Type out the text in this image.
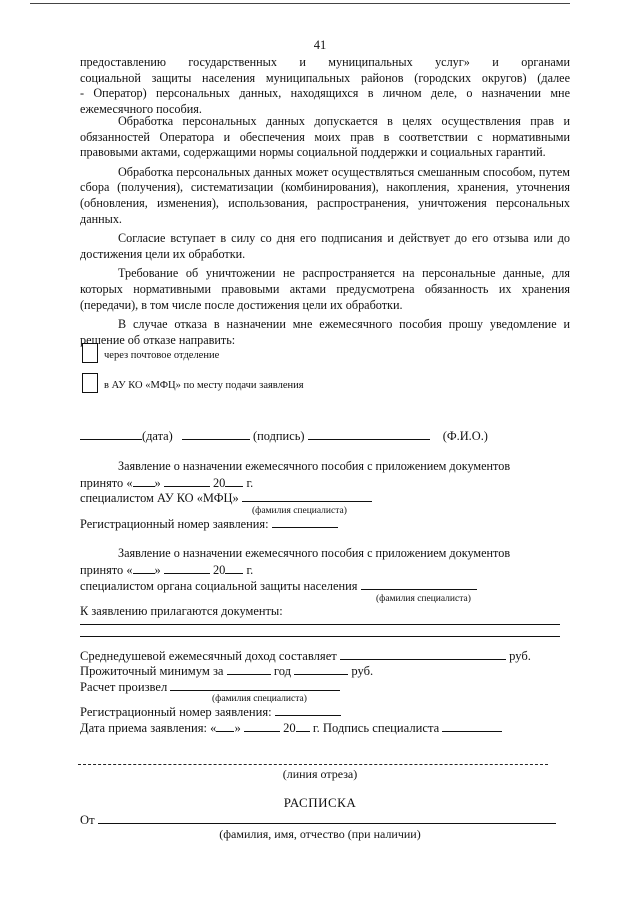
41
предоставлению государственных и муниципальных услуг» и органами
социальной защиты населения муниципальных районов (городских округов) (далее
- Оператор) персональных данных, находящихся в личном деле, о назначении мне
ежемесячного пособия.

Обработка персональных данных допускается в целях осуществления прав и обязанностей Оператора и обеспечения моих прав в соответствии с нормативными правовыми актами, содержащими нормы социальной поддержки и социальных гарантий.

Обработка персональных данных может осуществляться смешанным способом, путем сбора (получения), систематизации (комбинирования), накопления, хранения, уточнения (обновления, изменения), использования, распространения, уничтожения персональных данных.

Согласие вступает в силу со дня его подписания и действует до его отзыва или до достижения цели их обработки.

Требование об уничтожении не распространяется на персональные данные, для которых нормативными правовыми актами предусмотрена обязанность их хранения (передачи), в том числе после достижения цели их обработки.

В случае отказа в назначении мне ежемесячного пособия прошу уведомление и решение об отказе направить:

через почтовое отделение
в АУ КО «МФЦ» по месту подачи заявления
(дата)	(подпись)	(Ф.И.О.)
Заявление о назначении ежемесячного пособия с приложением документов
принято « »	20 г.
специалистом АУ КО «МФЦ»
(фамилия специалиста)
Регистрационный номер заявления:
Заявление о назначении ежемесячного пособия с приложением документов
принято « »	20 г.
специалистом органа социальной защиты населения
(фамилия специалиста)
К заявлению прилагаются документы:
Среднедушевой ежемесячный доход составляет	руб.
Прожиточный минимум за	год	руб.
Расчет произвел
(фамилия специалиста)
Регистрационный номер заявления:
Дата приема заявления: « »	20 г. Подпись специалиста
(линия отреза)
РАСПИСКА
От
(фамилия, имя, отчество (при наличии)
